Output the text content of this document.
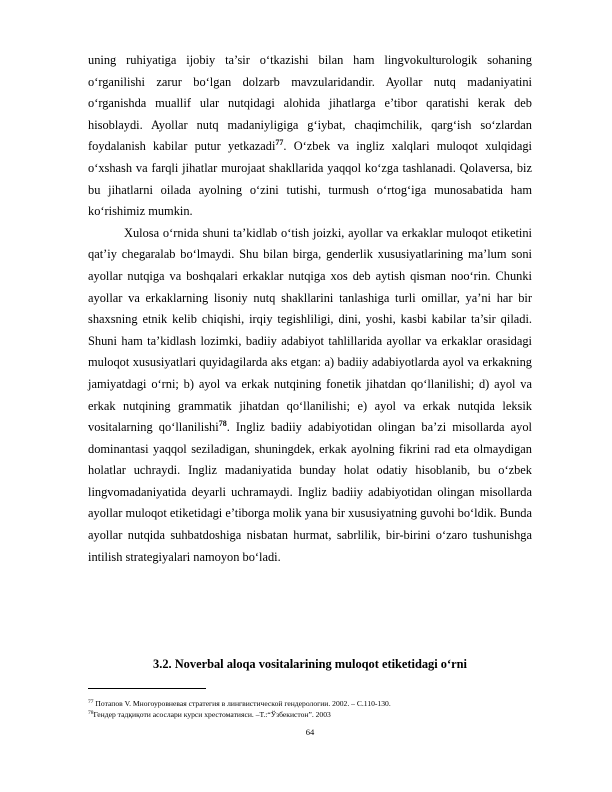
uning ruhiyatiga ijobiy ta’sir o‘tkazishi bilan ham lingvokulturologik sohaning o‘rganilishi zarur bo‘lgan dolzarb mavzularidandir. Ayollar nutq madaniyatini o‘rganishda muallif ular nutqidagi alohida jihatlarga e’tibor qaratishi kerak deb hisoblaydi. Ayollar nutq madaniyligiga g‘iybat, chaqimchilik, qarg‘ish so‘zlardan foydalanish kabilar putur yetkazadi$^{77}$. O‘zbek va ingliz xalqlari muloqot xulqidagi o‘xshash va farqli jihatlar murojaat shakllarida yaqqol ko‘zga tashlanadi. Qolaversa, biz bu jihatlarni oilada ayolning o‘zini tutishi, turmush o‘rtog‘iga munosabatida ham ko‘rishimiz mumkin.

Xulosa o‘rnida shuni ta’kidlab o‘tish joizki, ayollar va erkaklar muloqot etiketini qat’iy chegaralab bo‘lmaydi. Shu bilan birga, genderlik xususiyatlarining ma’lum soni ayollar nutqiga va boshqalari erkaklar nutqiga xos deb aytish qisman noo‘rin. Chunki ayollar va erkaklarning lisoniy nutq shakllarini tanlashiga turli omillar, ya’ni har bir shaxsning etnik kelib chiqishi, irqiy tegishliligi, dini, yoshi, kasbi kabilar ta’sir qiladi. Shuni ham ta’kidlash lozimki, badiiy adabiyot tahlillarida ayollar va erkaklar orasidagi muloqot xususiyatlari quyidagilarda aks etgan: a) badiiy adabiyotlarda ayol va erkakning jamiyatdagi o‘rni; b) ayol va erkak nutqining fonetik jihatdan qo‘llanilishi; d) ayol va erkak nutqining grammatik jihatdan qo‘llanilishi; e) ayol va erkak nutqida leksik vositalarning qo‘llanilishi$^{78}$. Ingliz badiiy adabiyotidan olingan ba’zi misollarda ayol dominantasi yaqqol seziladigan, shuningdek, erkak ayolning fikrini rad eta olmaydigan holatlar uchraydi. Ingliz madaniyatida bunday holat odatiy hisoblanib, bu o‘zbek lingvomadaniyatida deyarli uchramaydi. Ingliz badiiy adabiyotidan olingan misollarda ayollar muloqot etiketidagi e’tiborga molik yana bir xususiyatning guvohi bo‘ldik. Bunda ayollar nutqida suhbatdoshiga nisbatan hurmat, sabrlilik, bir-birini o‘zaro tushunishga intilish strategiyalari namoyon bo‘ladi.

3.2. Noverbal aloqa vositalarining muloqot etiketidagi o‘rni
$^{77}$ Потапов V. Многоуровневая стратегия в лингвистической гендерологии. 2002. – С.110-130.
$^{78}$Гендер тадқиқоти асослари курси хрестоматияси. –Т.:“Ўзбекистон”. 2003
64
